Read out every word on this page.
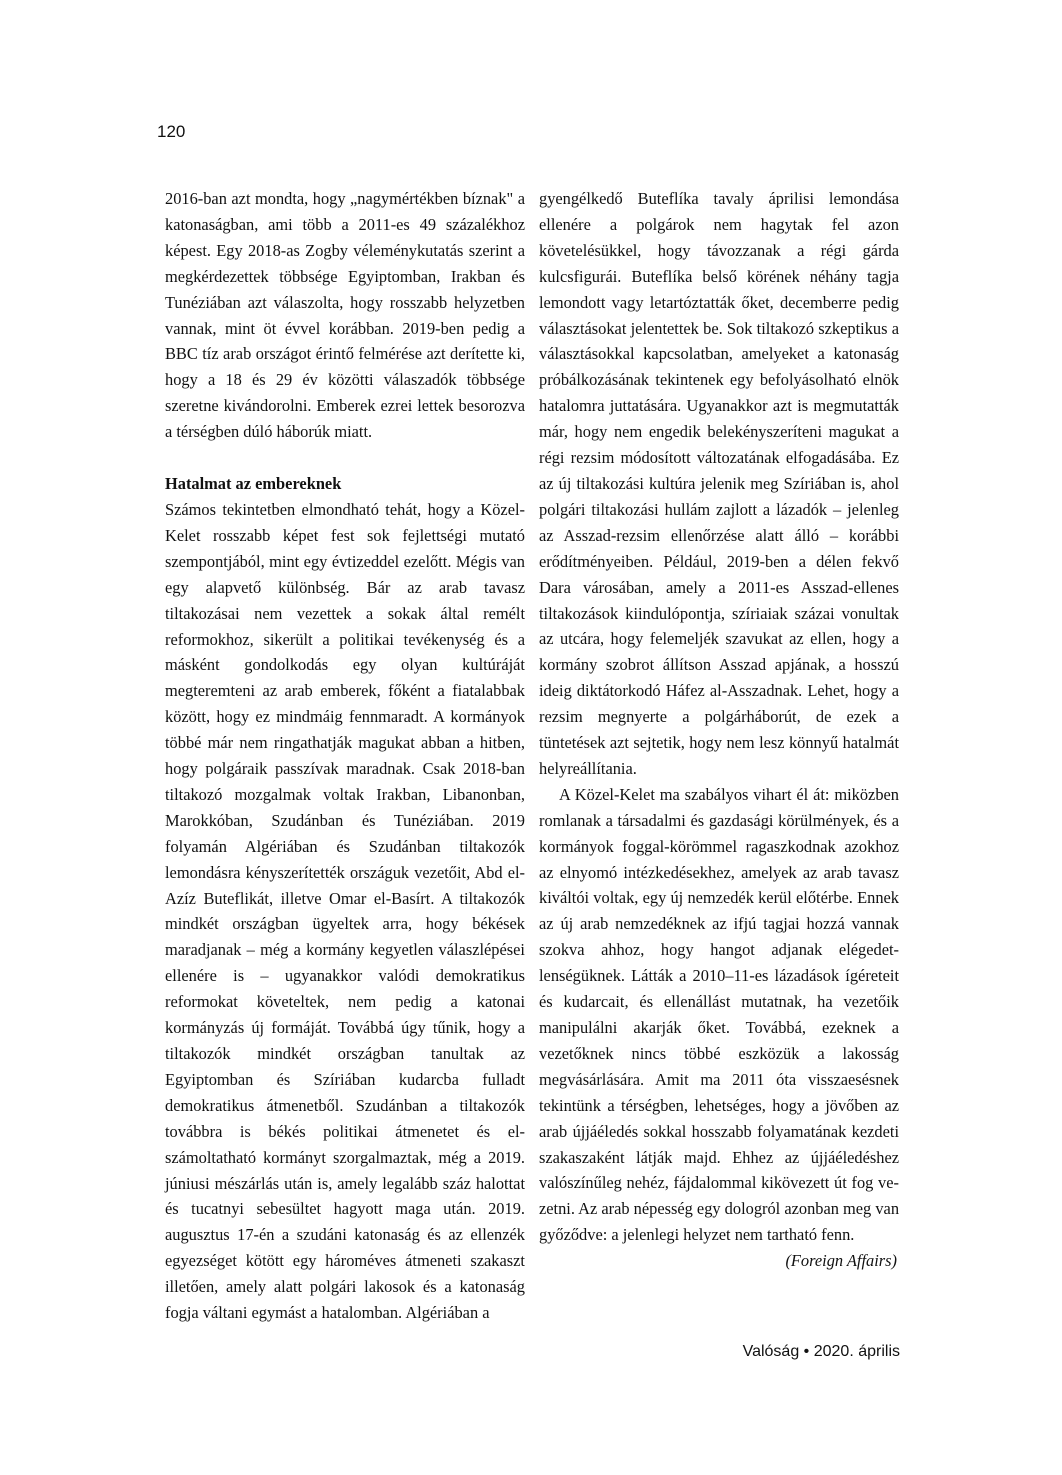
120

2016-ban azt mondta, hogy „nagymértékben bíznak" a katonaságban, ami több a 2011-es 49 százalékhoz képest. Egy 2018-as Zogby véleménykutatás szerint a megkérdezettek többsége Egyiptomban, Irakban és Tunéziában azt válaszolta, hogy rosszabb helyzetben vannak, mint öt évvel korábban. 2019-ben pedig a BBC tíz arab országot érintő felmérése azt derítette ki, hogy a 18 és 29 év közötti válaszadók többsége szeretne kivándorolni. Emberek ezrei lettek besorozva a térségben dúló háborúk miatt.

Hatalmat az embereknek

Számos tekintetben elmondható tehát, hogy a Közel-Kelet rosszabb képet fest sok fejlettségi mutató szempontjából, mint egy évtizeddel ezelőtt. Mégis van egy alapvető különbség. Bár az arab tavasz tiltakozásai nem vezettek a sokak által remélt reformokhoz, sikerült a politikai tevékenység és a másként gondolkodás egy olyan kultúráját megteremteni az arab emberek, főként a fiatalabbak között, hogy ez mindmáig fennmaradt. A kormányok többé már nem ringathatják magukat abban a hitben, hogy polgáraik passzívak maradnak. Csak 2018-ban tiltakozó mozgalmak voltak Irakban, Libanonban, Marokkóban, Szudánban és Tunéziában. 2019 folyamán Algériában és Szudánban tiltakozók lemondásra kényszerítették országuk vezetőit, Abd el-Azíz Buteflikát, illetve Omar el-Basírt. A tiltakozók mindkét országban ügyeltek arra, hogy békések maradjanak – még a kormány kegyetlen válaszlépései ellenére is – ugyanakkor valódi demokratikus reformokat követeltek, nem pedig a katonai kormányzás új formáját. Továbbá úgy tűnik, hogy a tiltakozók mindkét országban tanultak az Egyiptomban és Szíriában kudarcba fulladt demokratikus átmenetből. Szudánban a tiltakozók továbbra is békés politikai átmenetet és elszámoltatható kormányt szorgalmaztak, még a 2019. júniusi mészárlás után is, amely legalább száz halottat és tucatnyi sebesültet hagyott maga után. 2019. augusztus 17-én a szudáni katonaság és az ellenzék egyezséget kötött egy hároméves átmeneti szakaszt illetően, amely alatt polgári lakosok és a katonaság fogja váltani egymást a hatalomban. Algériában a

gyengélkedő Buteflíka tavaly áprilisi lemondása ellenére a polgárok nem hagytak fel azon követelésükkel, hogy távozzanak a régi gárda kulcsfigurái. Buteflíka belső körének néhány tagja lemondott vagy letartóztatták őket, decemberre pedig választásokat jelentettek be. Sok tiltakozó szkeptikus a választásokkal kapcsolatban, amelyeket a katonaság próbálkozásának tekintenek egy befolyásolható elnök hatalomra juttatására. Ugyanakkor azt is megmutatták már, hogy nem engedik belekényszeríteni magukat a régi rezsim módosított változatának elfogadásába. Ez az új tiltakozási kultúra jelenik meg Szíriában is, ahol polgári tiltakozási hullám zajlott a lázadók – jelenleg az Asszad-rezsim ellenőrzése alatt álló – korábbi erődítményeiben. Például, 2019-ben a délen fekvő Dara városában, amely a 2011-es Asszad-ellenes tiltakozások kiindulópontja, szíriaiak százai vonultak az utcára, hogy felemeljék szavukat az ellen, hogy a kormány szobrot állítson Asszad apjának, a hosszú ideig diktátorkodó Háfez al-Asszadnak. Lehet, hogy a rezsim megnyerte a polgárháborút, de ezek a tüntetések azt sejtetik, hogy nem lesz könnyű hatalmát helyreállítania.

A Közel-Kelet ma szabályos vihart él át: miközben romlanak a társadalmi és gazdasági körülmények, és a kormányok foggal-körömmel ragaszkodnak azokhoz az elnyomó intézkedésekhez, amelyek az arab tavasz kiváltói voltak, egy új nemzedék kerül előtérbe. Ennek az új arab nemzedéknek az ifjú tagjai hozzá vannak szokva ahhoz, hogy hangot adjanak elégedetlenségüknek. Látták a 2010–11-es lázadások ígéreteit és kudarcait, és ellenállást mutatnak, ha vezetőik manipulálni akarják őket. Továbbá, ezeknek a vezetőknek nincs többé eszközük a lakosság megvásárlására. Amit ma 2011 óta visszaesésnek tekintünk a térségben, lehetséges, hogy a jövőben az arab újjáéledés sokkal hosszabb folyamatának kezdeti szakaszaként látják majd. Ehhez az újjáéledéshez valószínűleg nehéz, fájdalommal kikövezett út fog vezetni. Az arab népesség egy dologról azonban meg van győződve: a jelenlegi helyzet nem tartható fenn.

(Foreign Affairs)
Valóság • 2020. április
